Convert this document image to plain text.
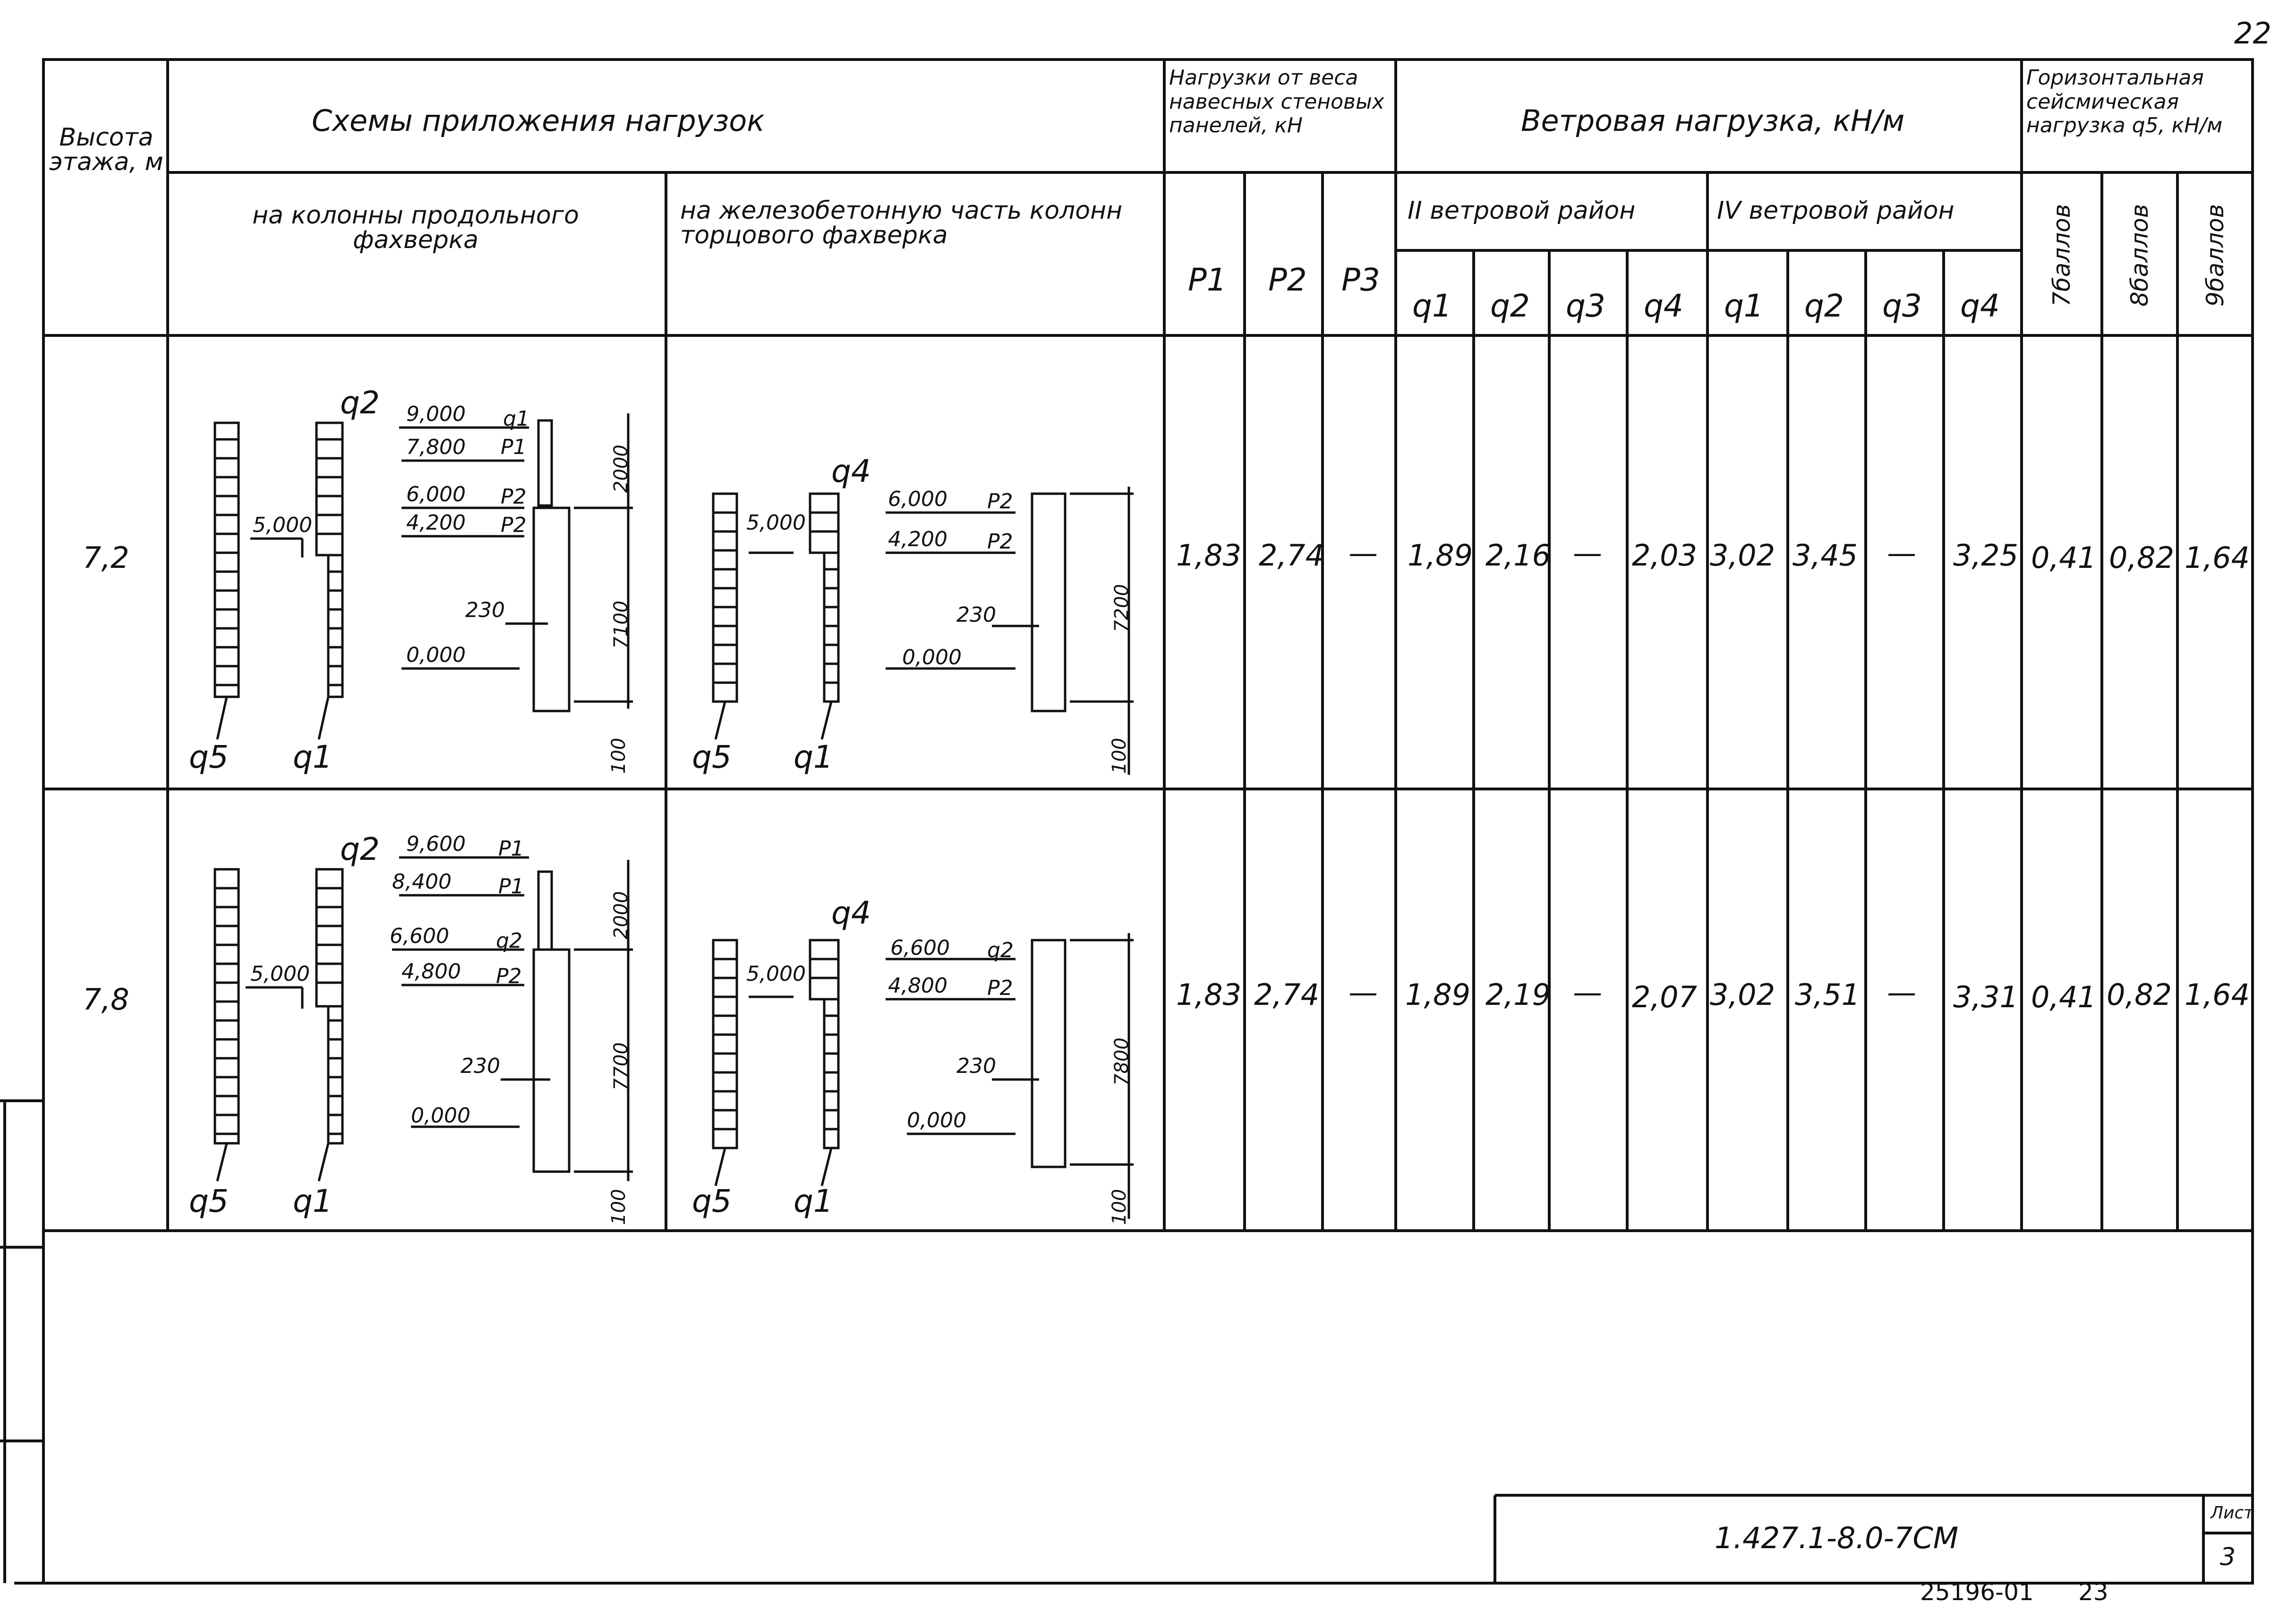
22
Высота этажа, м
Схемы приложения нагрузок
на колонны продольного фахверка
на железобетонную часть колонн торцового фахверка
Нагрузки от веса навесных стеновых панелей, кН	Ветровая нагрузка, кН/м
II ветровой район	IV ветровой район
Горизонтальная сейсмическая нагрузка q5, кН/м
P1 P2 P3
q1 q2 q3 q4 q1 q2 q3 q4 7баллов 8баллов 9баллов
7,2	1,83 2,74 — 1,89 2,16 — 2,03 3,02 3,45 — 3,25 0,41 0,82 1,64
9,000
7,800
6,000
4,200
230
0,000
5,000
2000
7100
100
q1
P1
P2
P2
q2
q5 q1
6,000
4,200
230
0,000
5,000
7200
100
P2
P2
q4
q5 q1
7,8	1,83 2,74 — 1,89 2,19 — 2,07 3,02 3,51 — 3,31 0,41 0,82 1,64
9,600
8,400
6,600
4,800
230
0,000
5,000
2000
7700
100
P1
P1
q2
P2
q2
q5 q1
6,600
4,800
230
0,000
5,000
7800
100
q2
P2
q4
q5 q1
1.427.1-8.0-7СМ
Лист
3
25196-01 23
